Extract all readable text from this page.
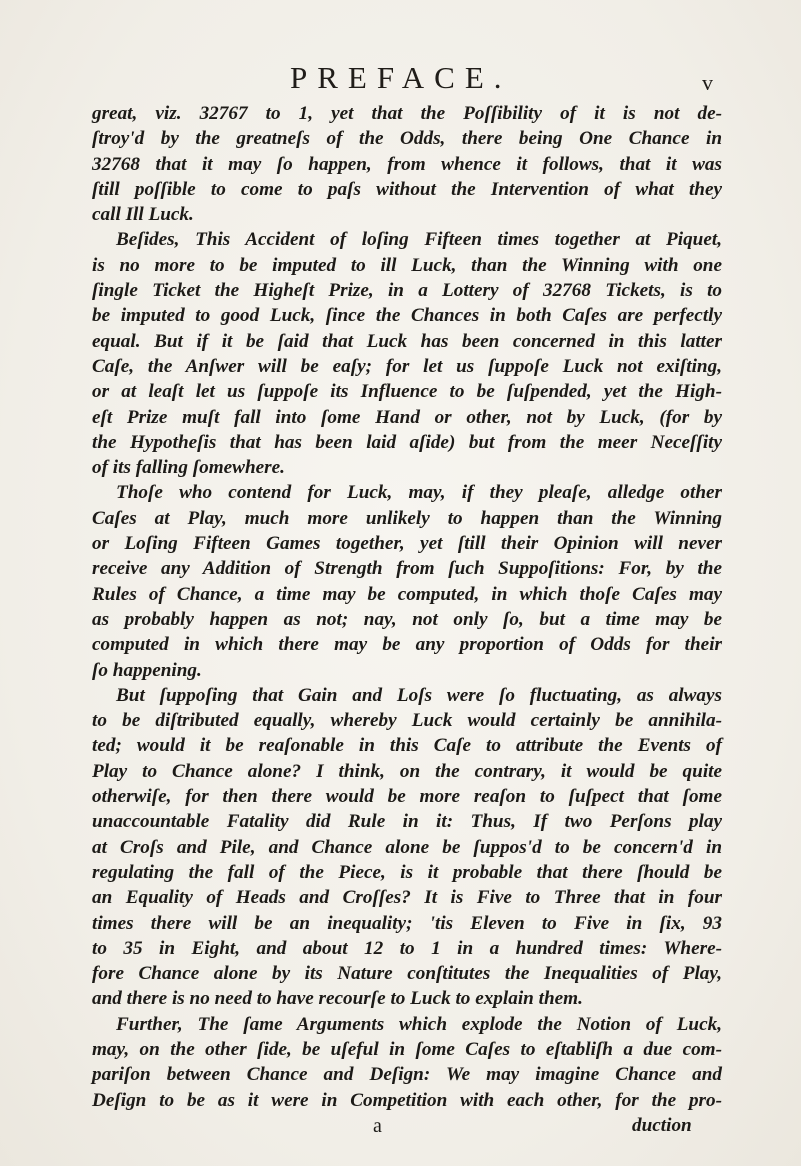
PREFACE.	v
great, viz. 32767 to 1, yet that the Poſſibility of it is not de-
ſtroy'd by the greatneſs of the Odds, there being One Chance in
32768 that it may ſo happen, from whence it follows, that it was
ſtill poſſible to come to paſs without the Intervention of what they
call Ill Luck.
Beſides, This Accident of loſing Fifteen times together at Piquet,
is no more to be imputed to ill Luck, than the Winning with one
ſingle Ticket the Higheſt Prize, in a Lottery of 32768 Tickets, is to
be imputed to good Luck, ſince the Chances in both Caſes are perfectly
equal. But if it be ſaid that Luck has been concerned in this latter
Caſe, the Anſwer will be eaſy; for let us ſuppoſe Luck not exiſting,
or at leaſt let us ſuppoſe its Influence to be ſuſpended, yet the High-
eſt Prize muſt fall into ſome Hand or other, not by Luck, (for by
the Hypotheſis that has been laid aſide) but from the meer Neceſſity
of its falling ſomewhere.
Thoſe who contend for Luck, may, if they pleaſe, alledge other
Caſes at Play, much more unlikely to happen than the Winning
or Loſing Fifteen Games together, yet ſtill their Opinion will never
receive any Addition of Strength from ſuch Suppoſitions: For, by the
Rules of Chance, a time may be computed, in which thoſe Caſes may
as probably happen as not; nay, not only ſo, but a time may be
computed in which there may be any proportion of Odds for their
ſo happening.
But ſuppoſing that Gain and Loſs were ſo fluctuating, as always
to be diſtributed equally, whereby Luck would certainly be annihila-
ted; would it be reaſonable in this Caſe to attribute the Events of
Play to Chance alone? I think, on the contrary, it would be quite
otherwiſe, for then there would be more reaſon to ſuſpect that ſome
unaccountable Fatality did Rule in it: Thus, If two Perſons play
at Croſs and Pile, and Chance alone be ſuppos'd to be concern'd in
regulating the fall of the Piece, is it probable that there ſhould be
an Equality of Heads and Croſſes? It is Five to Three that in four
times there will be an inequality; 'tis Eleven to Five in ſix, 93
to 35 in Eight, and about 12 to 1 in a hundred times: Where-
fore Chance alone by its Nature conſtitutes the Inequalities of Play,
and there is no need to have recourſe to Luck to explain them.
Further, The ſame Arguments which explode the Notion of Luck,
may, on the other ſide, be uſeful in ſome Caſes to eſtabliſh a due com-
pariſon between Chance and Deſign: We may imagine Chance and
Deſign to be as it were in Competition with each other, for the pro-
a	duction
